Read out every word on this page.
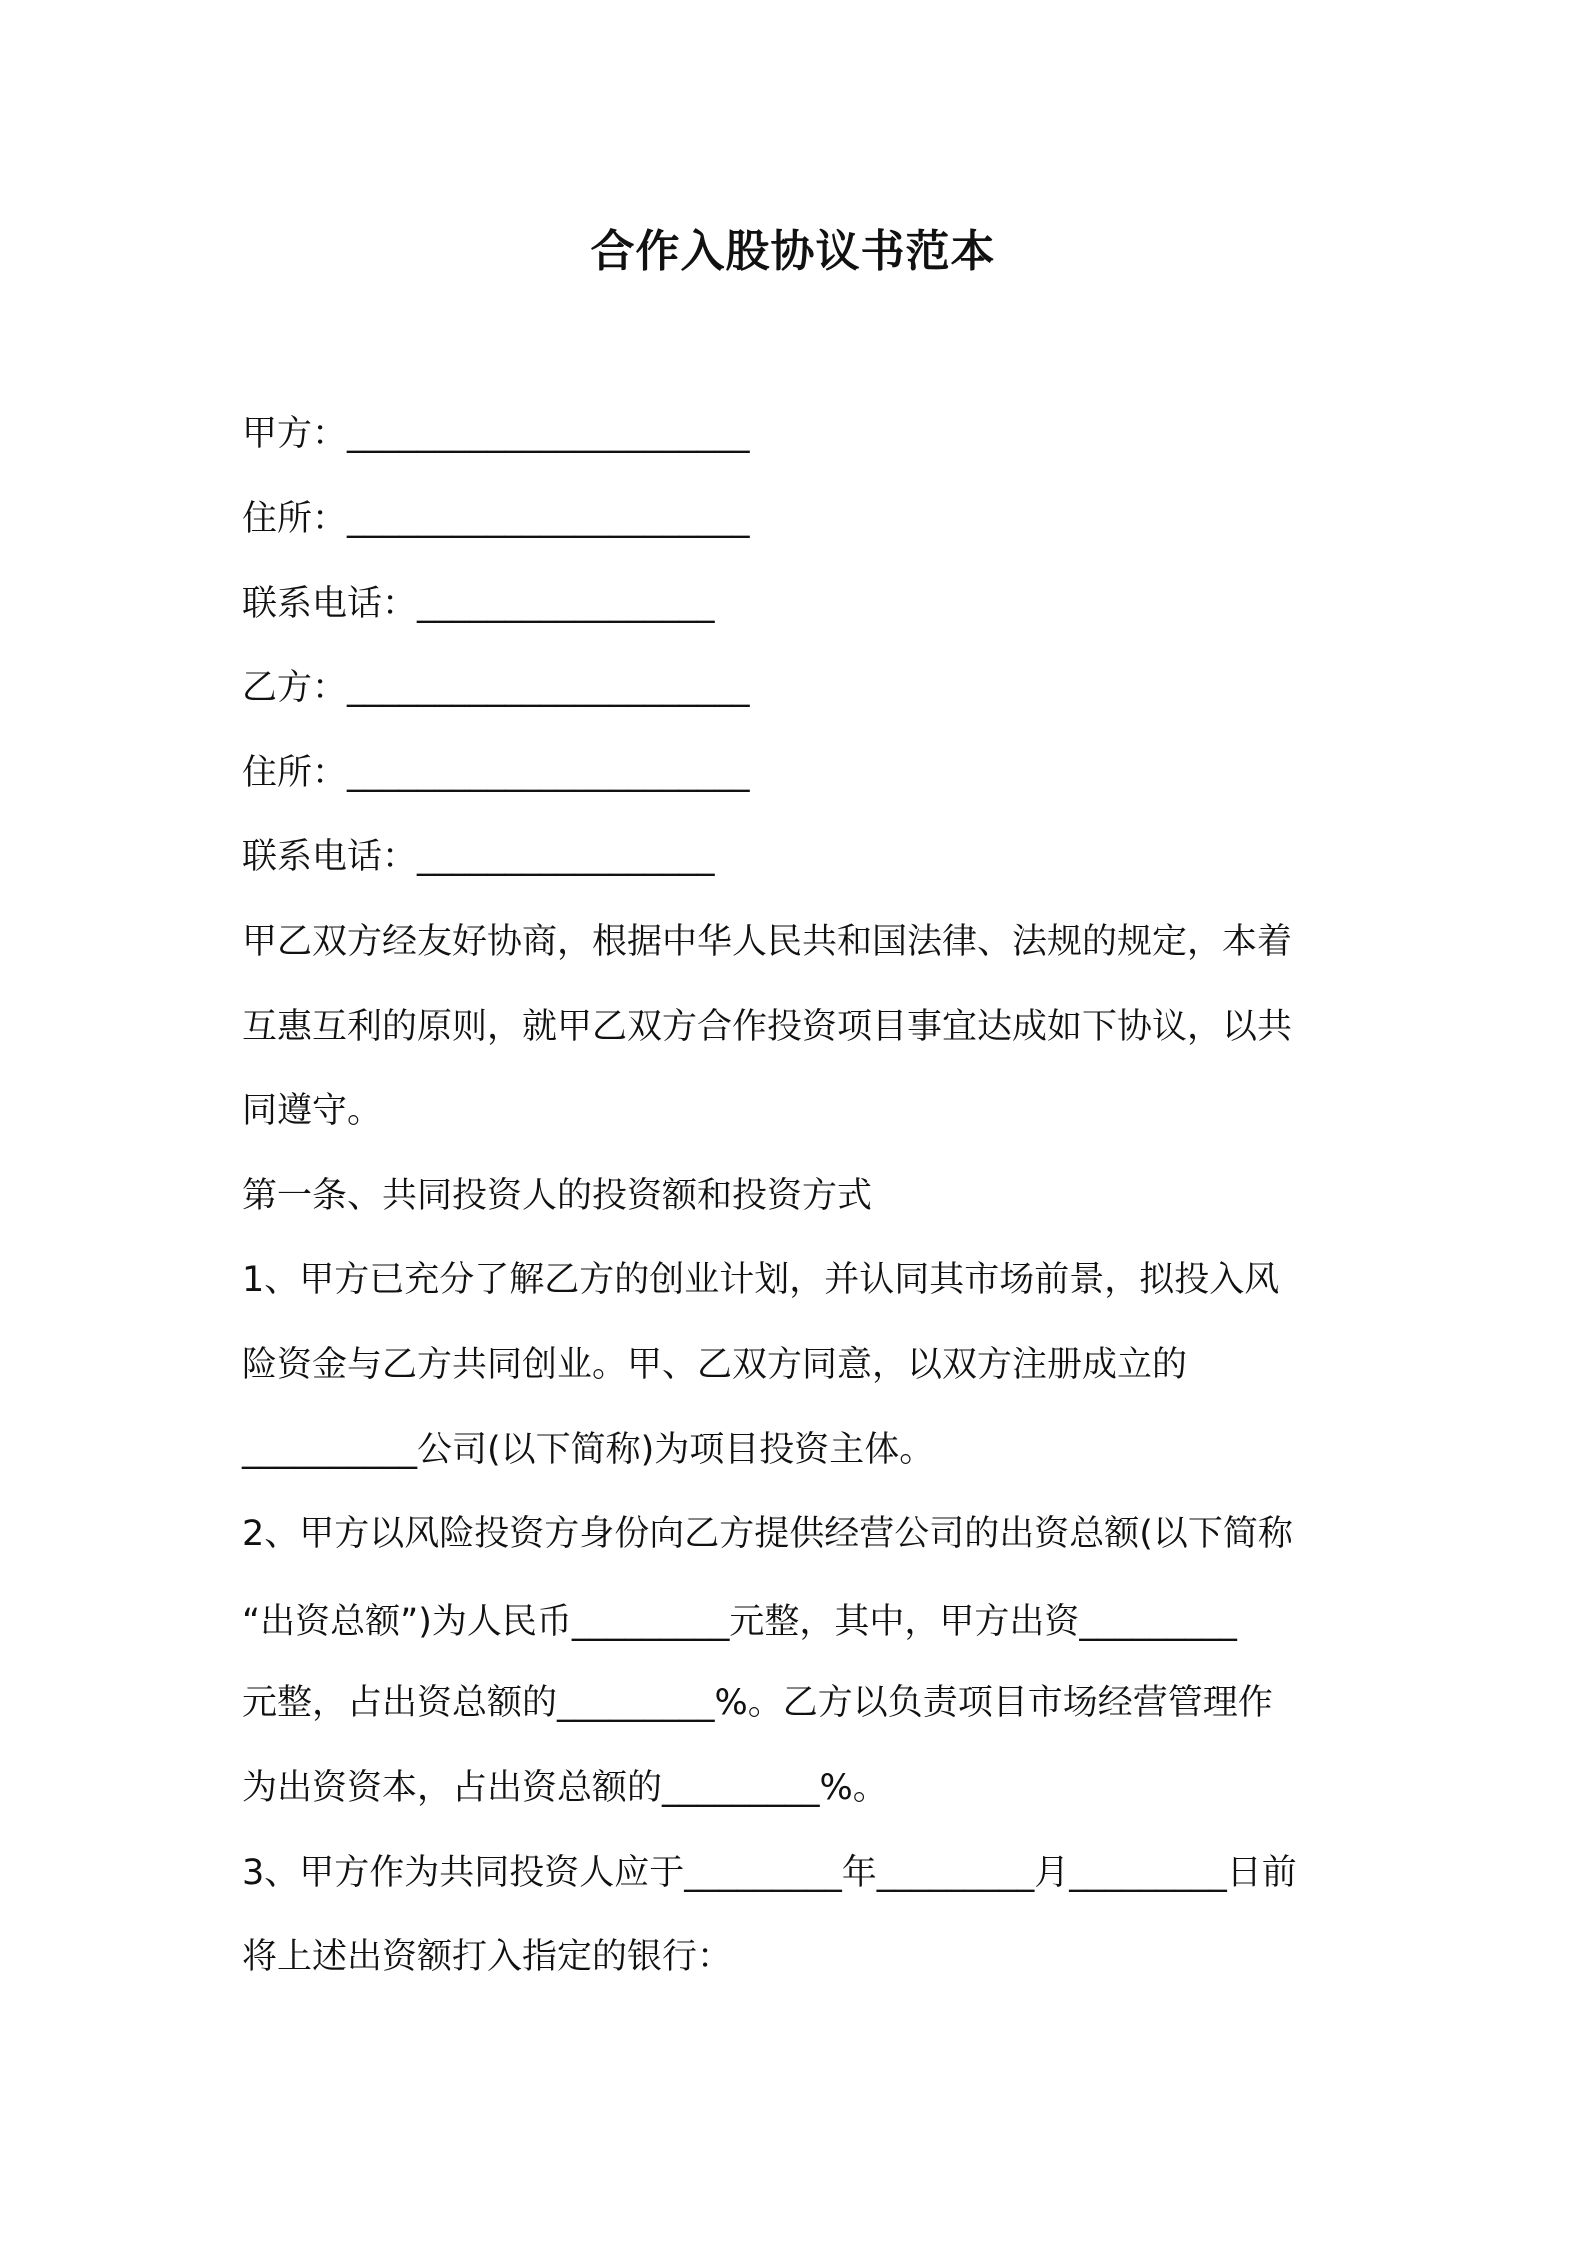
合作入股协议书范本
甲方：_______________________
住所：_______________________
联系电话：_________________
乙方：_______________________
住所：_______________________
联系电话：_________________
甲乙双方经友好协商，根据中华人民共和国法律、法规的规定，本着
互惠互利的原则，就甲乙双方合作投资项目事宜达成如下协议，以共
同遵守。
第一条、共同投资人的投资额和投资方式
1、甲方已充分了解乙方的创业计划，并认同其市场前景，拟投入风
险资金与乙方共同创业。甲、乙双方同意，以双方注册成立的
__________公司(以下简称)为项目投资主体。
2、甲方以风险投资方身份向乙方提供经营公司的出资总额(以下简称
“出资总额”)为人民币_________元整，其中，甲方出资_________
元整，占出资总额的_________%。乙方以负责项目市场经营管理作
为出资资本，占出资总额的_________%。
3、甲方作为共同投资人应于_________年_________月_________日前
将上述出资额打入指定的银行：
